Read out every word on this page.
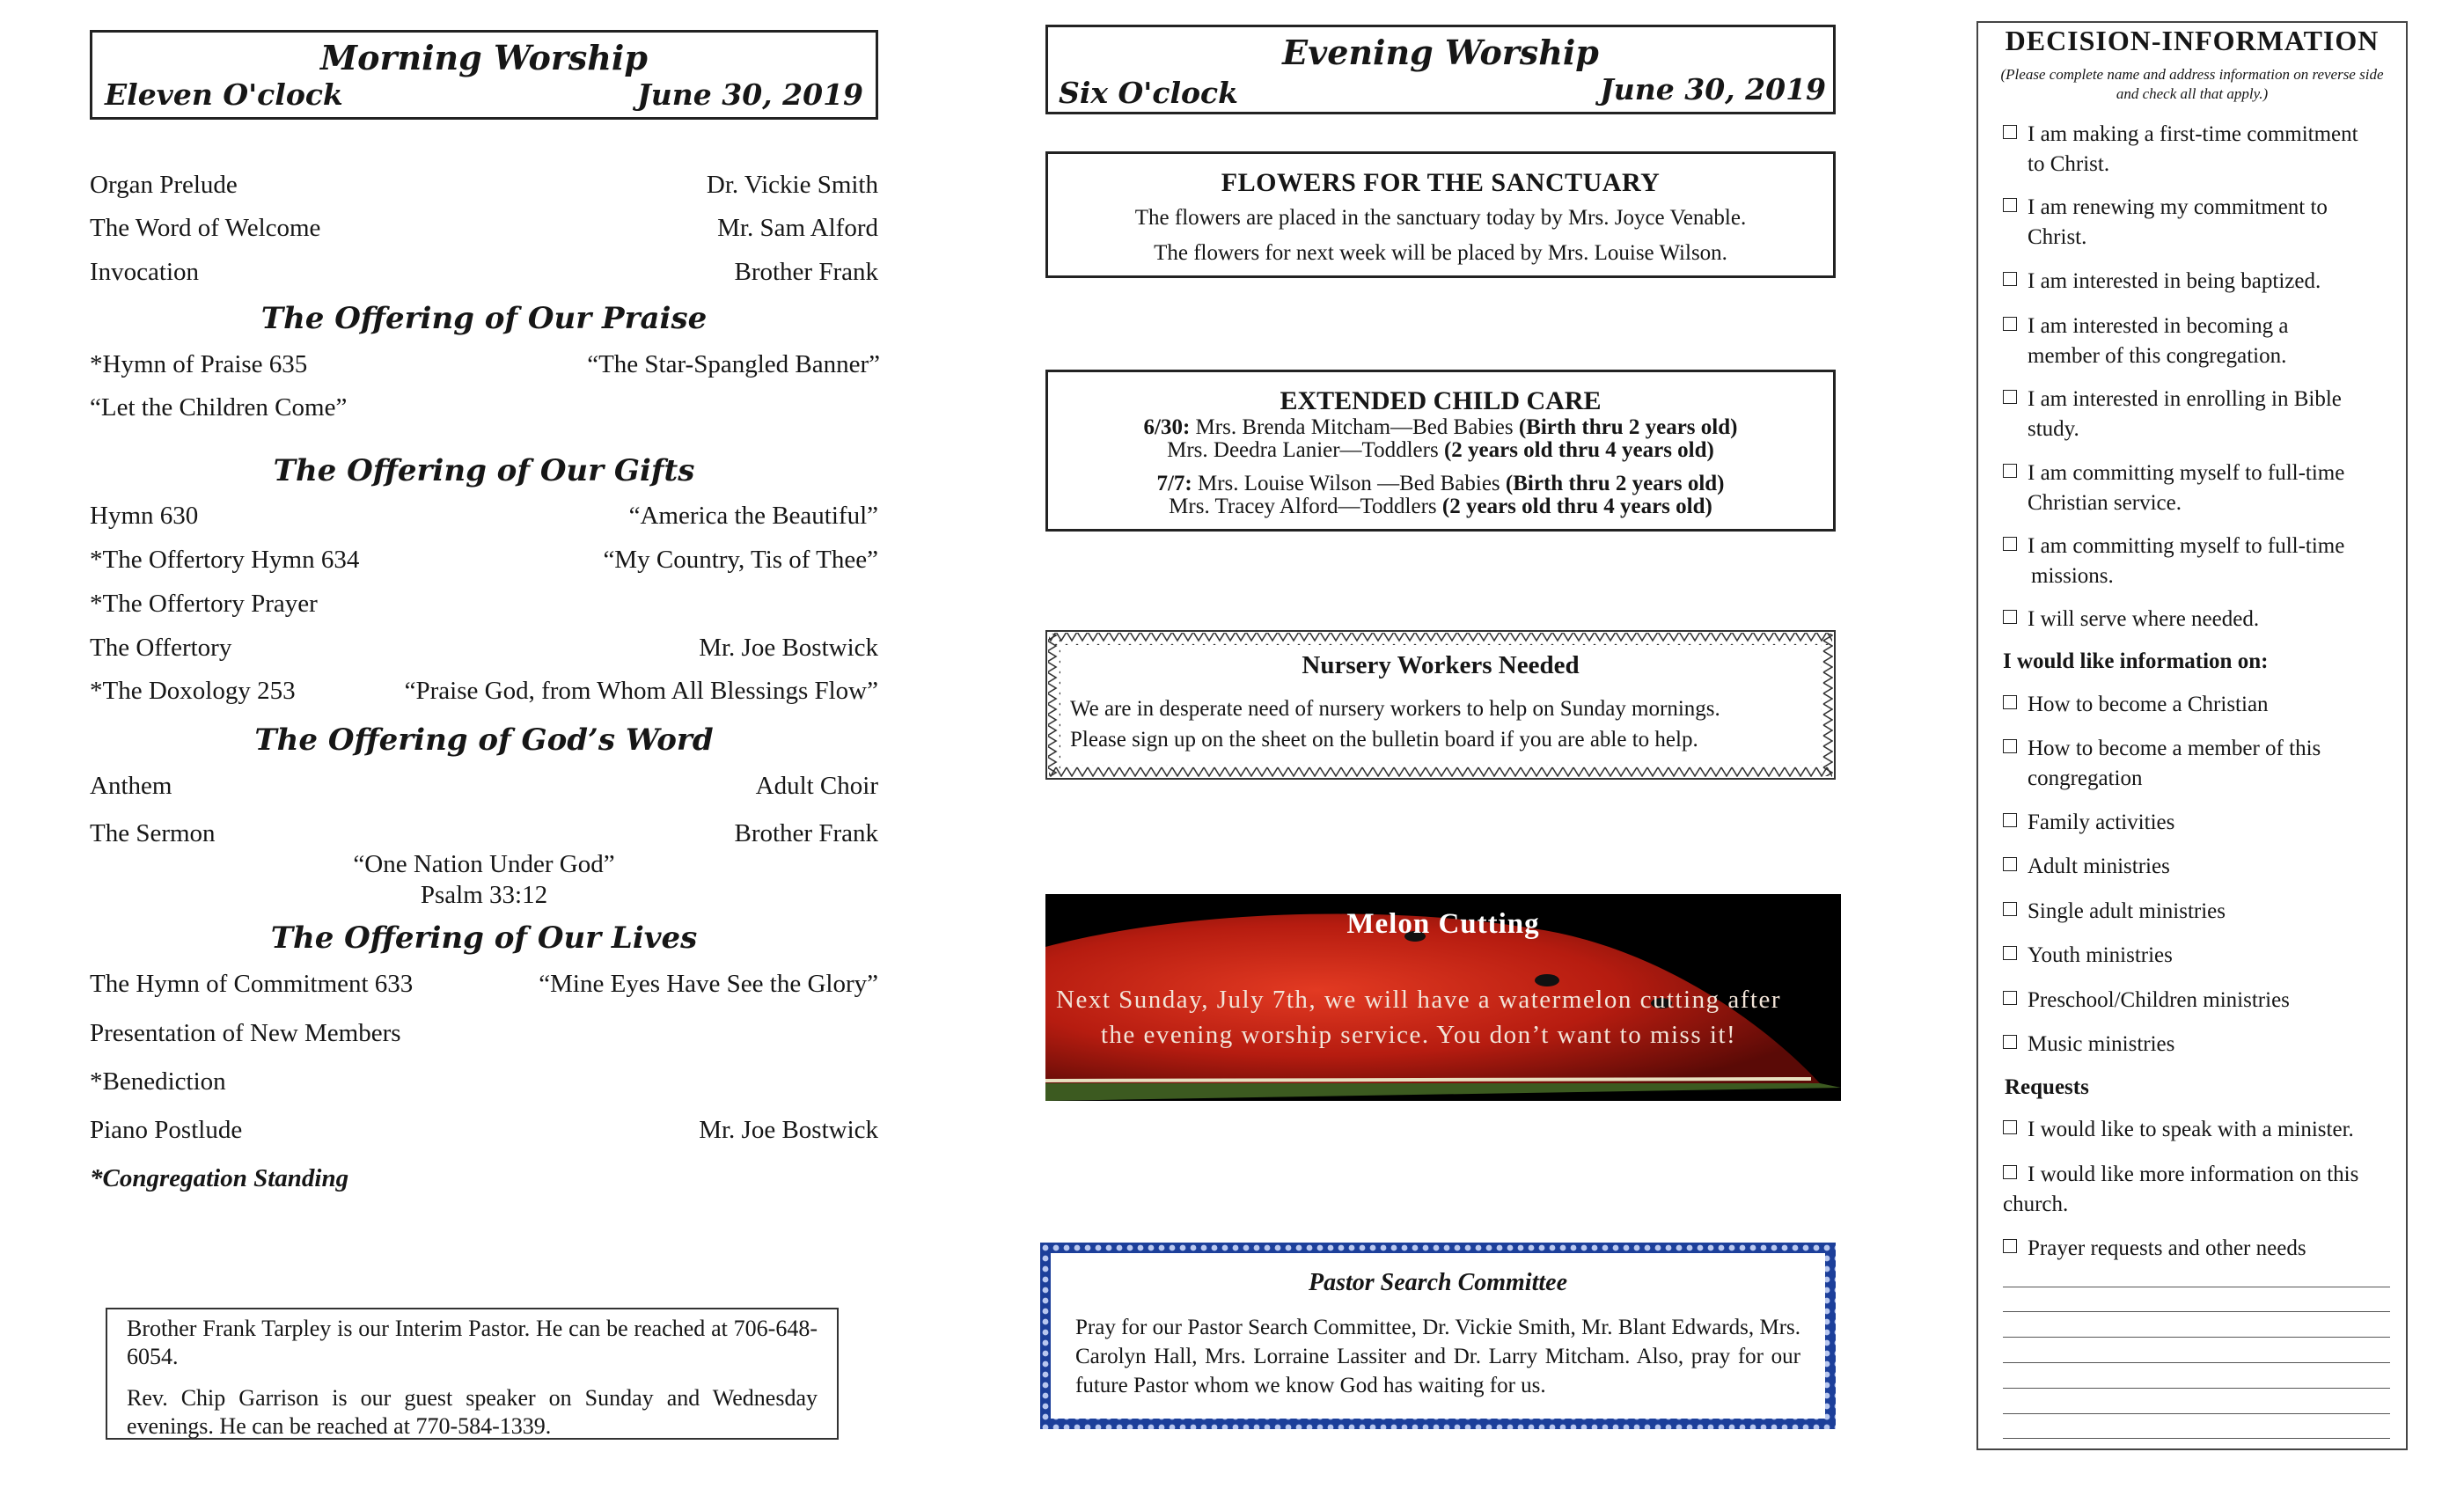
Morning Worship
Eleven O'clock	June 30, 2019
Organ Prelude	Dr. Vickie Smith
The Word of Welcome	Mr. Sam Alford
Invocation	Brother Frank
The Offering of Our Praise
*Hymn of Praise 635	“The Star-Spangled Banner”
“Let the Children Come”
The Offering of Our Gifts
Hymn 630	“America the Beautiful”
*The Offertory Hymn 634	“My Country, Tis of Thee”
*The Offertory Prayer
The Offertory	Mr. Joe Bostwick
*The Doxology 253	“Praise God, from Whom All Blessings Flow”
The Offering of God’s Word
Anthem	Adult Choir
The Sermon	Brother Frank
“One Nation Under God”
Psalm 33:12
The Offering of Our Lives
The Hymn of Commitment 633	“Mine Eyes Have See the Glory”
Presentation of New Members
*Benediction
Piano Postlude	Mr. Joe Bostwick
*Congregation Standing

Brother Frank Tarpley is our Interim Pastor. He can be reached at 706-648-6054.

Rev. Chip Garrison is our guest speaker on Sunday and Wednesday evenings. He can be reached at 770-584-1339.

Evening Worship
Six O'clock	June 30, 2019
FLOWERS FOR THE SANCTUARY
The flowers are placed in the sanctuary today by Mrs. Joyce Venable.
The flowers for next week will be placed by Mrs. Louise Wilson.
EXTENDED CHILD CARE
6/30: Mrs. Brenda Mitcham—Bed Babies (Birth thru 2 years old)
Mrs. Deedra Lanier—Toddlers (2 years old thru 4 years old)
7/7: Mrs. Louise Wilson —Bed Babies (Birth thru 2 years old)
Mrs. Tracey Alford—Toddlers (2 years old thru 4 years old)
Nursery Workers Needed
We are in desperate need of nursery workers to help on Sunday mornings.
Please sign up on the sheet on the bulletin board if you are able to help.
Melon Cutting
Next Sunday, July 7th, we will have a watermelon cutting after
the evening worship service. You don’t want to miss it!
Pastor Search Committee
Pray for our Pastor Search Committee, Dr. Vickie Smith, Mr. Blant Edwards, Mrs. Carolyn Hall, Mrs. Lorraine Lassiter and Dr. Larry Mitcham. Also, pray for our future Pastor whom we know God has waiting for us.
DECISION-INFORMATION
(Please complete name and address information on reverse side and check all that apply.)
I am making a first-time commitment
to Christ.
I am renewing my commitment to
Christ.
I am interested in being baptized.
I am interested in becoming a
member of this congregation.
I am interested in enrolling in Bible
study.
I am committing myself to full-time
Christian service.
I am committing myself to full-time
missions.
I will serve where needed.
I would like information on:
How to become a Christian
How to become a member of this
congregation
Family activities
Adult ministries
Single adult ministries
Youth ministries
Preschool/Children ministries
Music ministries
Requests
I would like to speak with a minister.
I would like more information on this
church.
Prayer requests and other needs
